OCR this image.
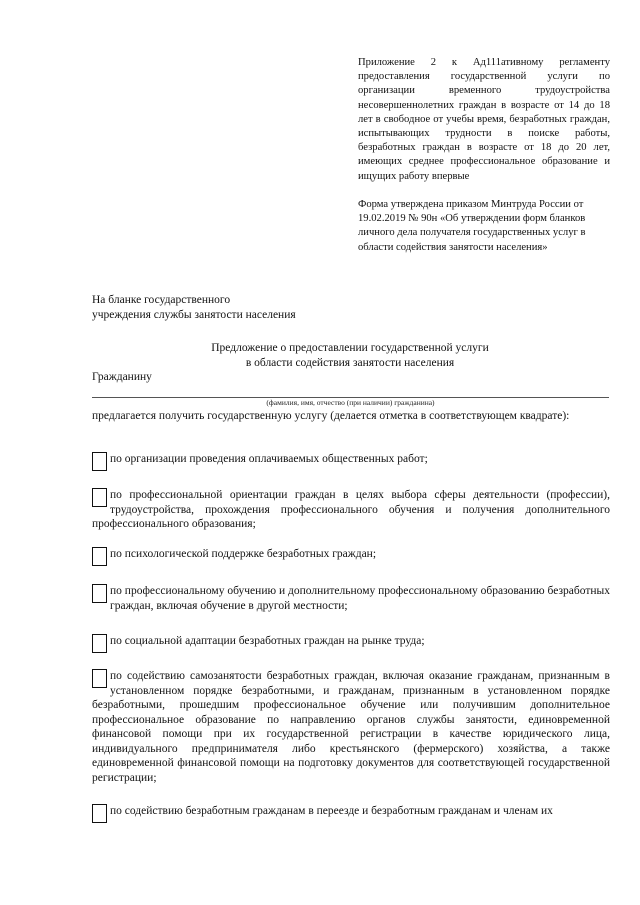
Приложение 2 к Ад111ативному регламенту предоставления государственной услуги по организации временного трудоустройства несовершеннолетних граждан в возрасте от 14 до 18 лет в свободное от учебы время, безработных граждан, испытывающих трудности в поиске работы, безработных граждан в возрасте от 18 до 20 лет, имеющих среднее профессиональное образование и ищущих работу впервые

Форма утверждена приказом Минтруда России от 19.02.2019 № 90н «Об утверждении форм бланков личного дела получателя государственных услуг в области содействия занятости населения»
На бланке государственного
учреждения службы занятости населения
Предложение о предоставлении государственной услуги
в области содействия занятости населения
Гражданину
(фамилия, имя, отчество (при наличии) гражданина)
предлагается получить государственную услугу (делается отметка в соответствующем квадрате):
по организации проведения оплачиваемых общественных работ;
по профессиональной ориентации граждан в целях выбора сферы деятельности (профессии), трудоустройства, прохождения профессионального обучения и получения дополнительного профессионального образования;
по психологической поддержке безработных граждан;
по профессиональному обучению и дополнительному профессиональному образованию безработных граждан, включая обучение в другой местности;
по социальной адаптации безработных граждан на рынке труда;
по содействию самозанятости безработных граждан, включая оказание гражданам, признанным в установленном порядке безработными, и гражданам, признанным в установленном порядке безработными, прошедшим профессиональное обучение или получившим дополнительное профессиональное образование по направлению органов службы занятости, единовременной финансовой помощи при их государственной регистрации в качестве юридического лица, индивидуального предпринимателя либо крестьянского (фермерского) хозяйства, а также единовременной финансовой помощи на подготовку документов для соответствующей государственной регистрации;
по содействию безработным гражданам в переезде и безработным гражданам и членам их
